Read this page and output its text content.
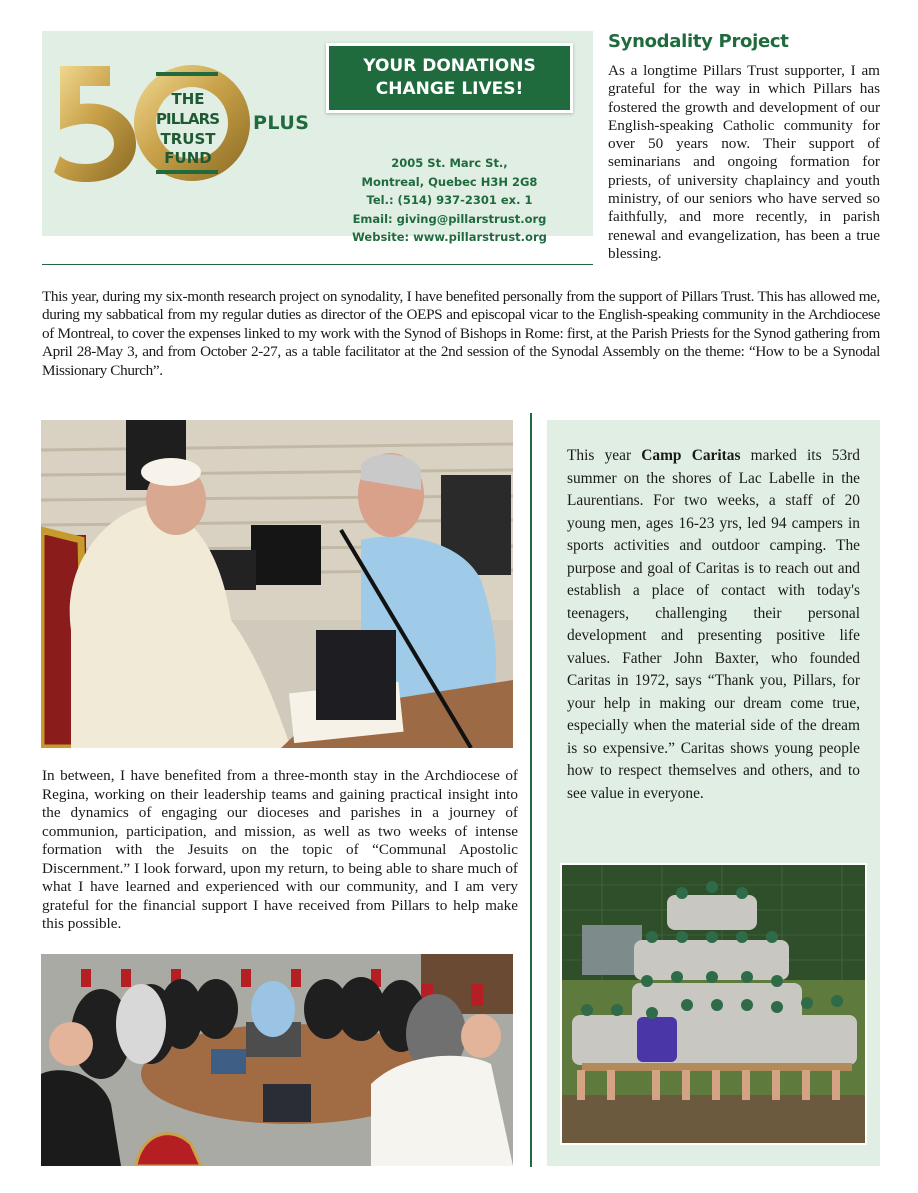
THE
PILLARS
TRUST
FUND
PLUS
YOUR DONATIONS
CHANGE LIVES!
2005 St. Marc St.,
Montreal, Quebec H3H 2G8
Tel.: (514) 937-2301 ex. 1
Email: giving@pillarstrust.org
Website: www.pillarstrust.org
Synodality Project

As a longtime Pillars Trust supporter, I am grateful for the way in which Pillars has fostered the growth and development of our English-speaking Catholic community for over 50 years now. Their support of seminarians and ongoing formation for priests, of university chaplaincy and youth ministry, of our seniors who have served so faithfully, and more recently, in parish renewal and evangelization, has been a true blessing.

This year, during my six-month research project on synodality, I have benefited personally from the support of Pillars Trust. This has allowed me, during my sabbatical from my regular duties as director of the OEPS and episcopal vicar to the English-speaking community in the Archdiocese of Montreal, to cover the expenses linked to my work with the Synod of Bishops in Rome: first, at the Parish Priests for the Synod gathering from April 28-May 3, and from October 2-27, as a table facilitator at the 2nd session of the Synodal Assembly on the theme: “How to be a Synodal Missionary Church”.

In between, I have benefited from a three-month stay in the Archdiocese of Regina, working on their leadership teams and gaining practical insight into the dynamics of engaging our dioceses and parishes in a journey of communion, participation, and mission, as well as two weeks of intense formation with the Jesuits on the topic of “Communal Apostolic Discernment.” I look forward, upon my return, to being able to share much of what I have learned and experienced with our community, and I am very grateful for the financial support I have received from Pillars to help make this possible.

This year Camp Caritas marked its 53rd summer on the shores of Lac Labelle in the Laurentians. For two weeks, a staff of 20 young men, ages 16-23 yrs, led 94 campers in sports activities and outdoor camping. The purpose and goal of Caritas is to reach out and establish a place of contact with today's teenagers, challenging their personal development and presenting positive life values. Father John Baxter, who founded Caritas in 1972, says “Thank you, Pillars, for your help in making our dream come true, especially when the material side of the dream is so expensive.” Caritas shows young people how to respect themselves and others, and to see value in everyone.
